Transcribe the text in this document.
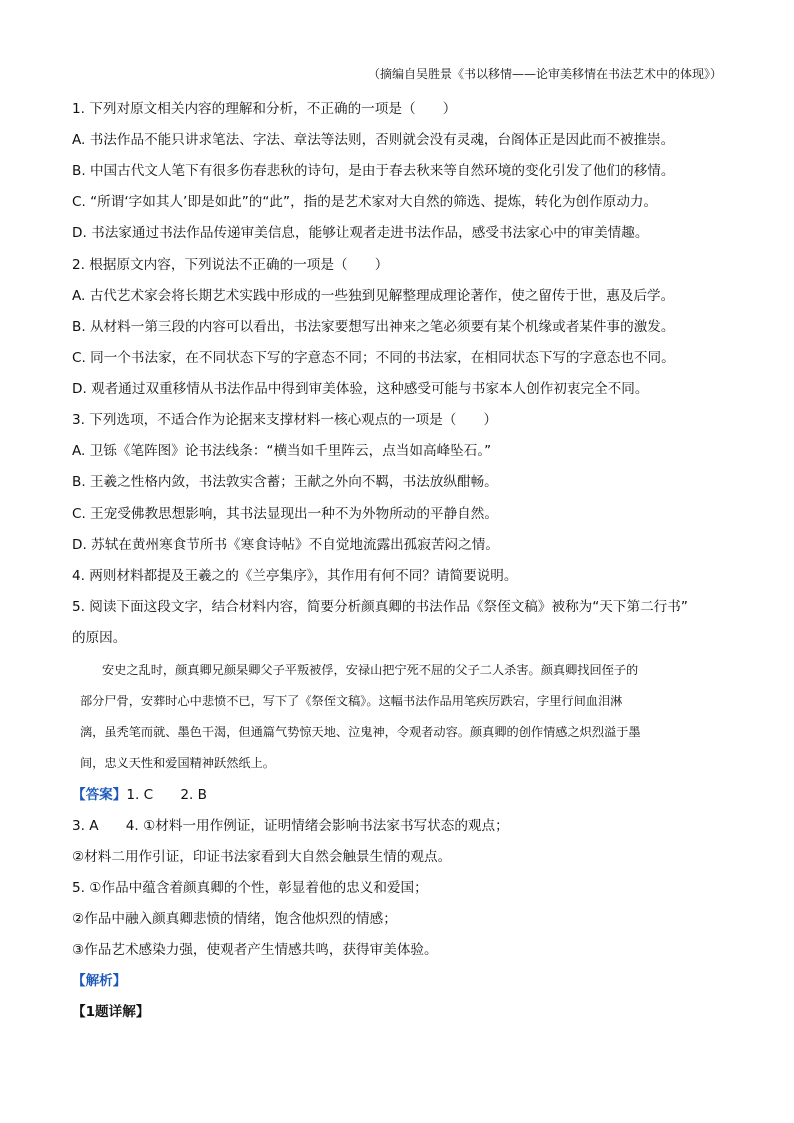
（摘编自吴胜景《书以移情——论审美移情在书法艺术中的体现》）
1. 下列对原文相关内容的理解和分析，不正确的一项是（　　）
A. 书法作品不能只讲求笔法、字法、章法等法则，否则就会没有灵魂，台阁体正是因此而不被推崇。
B. 中国古代文人笔下有很多伤春悲秋的诗句，是由于春去秋来等自然环境的变化引发了他们的移情。
C. “所谓‘字如其人’即是如此”的“此”，指的是艺术家对大自然的筛选、提炼，转化为创作原动力。
D. 书法家通过书法作品传递审美信息，能够让观者走进书法作品，感受书法家心中的审美情趣。
2. 根据原文内容，下列说法不正确的一项是（　　）
A. 古代艺术家会将长期艺术实践中形成的一些独到见解整理成理论著作，使之留传于世，惠及后学。
B. 从材料一第三段的内容可以看出，书法家要想写出神来之笔必须要有某个机缘或者某件事的激发。
C. 同一个书法家，在不同状态下写的字意态不同；不同的书法家，在相同状态下写的字意态也不同。
D. 观者通过双重移情从书法作品中得到审美体验，这种感受可能与书家本人创作初衷完全不同。
3. 下列选项，不适合作为论据来支撑材料一核心观点的一项是（　　）
A. 卫铄《笔阵图》论书法线条：“横当如千里阵云，点当如高峰坠石。”
B. 王羲之性格内敛，书法敦实含蓄；王献之外向不羁，书法放纵酣畅。
C. 王宠受佛教思想影响，其书法显现出一种不为外物所动的平静自然。
D. 苏轼在黄州寒食节所书《寒食诗帖》不自觉地流露出孤寂苦闷之情。
4. 两则材料都提及王羲之的《兰亭集序》，其作用有何不同？请简要说明。
5. 阅读下面这段文字，结合材料内容，简要分析颜真卿的书法作品《祭侄文稿》被称为“天下第二行书”
的原因。
安史之乱时，颜真卿兄颜杲卿父子平叛被俘，安禄山把宁死不屈的父子二人杀害。颜真卿找回侄子的
部分尸骨，安葬时心中悲愤不已，写下了《祭侄文稿》。这幅书法作品用笔疾厉跌宕，字里行间血泪淋
漓，虽秃笔而就、墨色干渴，但通篇气势惊天地、泣鬼神，令观者动容。颜真卿的创作情感之炽烈溢于墨
间，忠义天性和爱国精神跃然纸上。
【答案】1. C　　2. B
3. A　　4. ①材料一用作例证，证明情绪会影响书法家书写状态的观点；
②材料二用作引证，印证书法家看到大自然会触景生情的观点。
5. ①作品中蕴含着颜真卿的个性，彰显着他的忠义和爱国；
②作品中融入颜真卿悲愤的情绪，饱含他炽烈的情感；
③作品艺术感染力强，使观者产生情感共鸣，获得审美体验。
【解析】
【1题详解】
